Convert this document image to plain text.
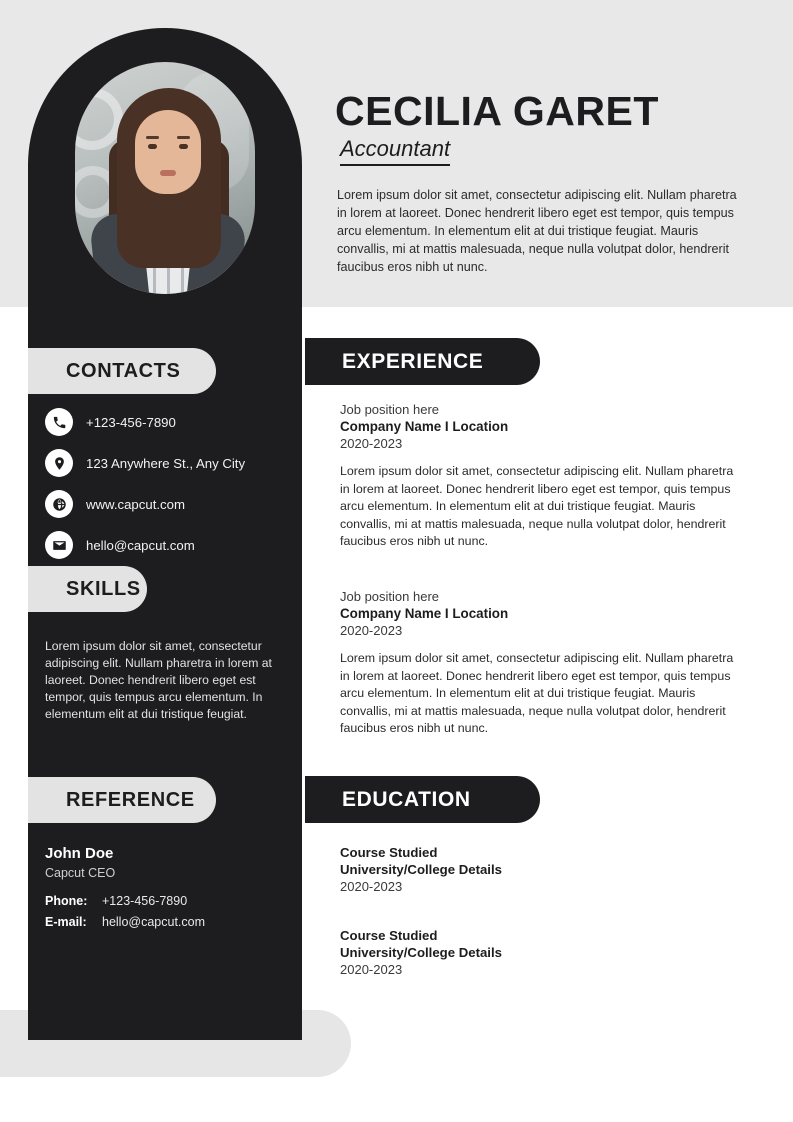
CECILIA GARET
Accountant
Lorem ipsum dolor sit amet, consectetur adipiscing elit. Nullam pharetra in lorem at laoreet. Donec hendrerit libero eget est tempor, quis tempus arcu elementum. In elementum elit at dui tristique feugiat. Mauris convallis, mi at mattis malesuada, neque nulla volutpat dolor, hendrerit faucibus eros nibh ut nunc.
CONTACTS
+123-456-7890
123 Anywhere St., Any City
www.capcut.com
hello@capcut.com
SKILLS
Lorem ipsum dolor sit amet, consectetur adipiscing elit. Nullam pharetra in lorem at laoreet. Donec hendrerit libero eget est tempor, quis tempus arcu elementum. In elementum elit at dui tristique feugiat.
REFERENCE
John Doe
Capcut CEO
Phone:	+123-456-7890
E-mail:	hello@capcut.com
EXPERIENCE
Job position here
Company Name I Location
2020-2023
Lorem ipsum dolor sit amet, consectetur adipiscing elit. Nullam pharetra in lorem at laoreet. Donec hendrerit libero eget est tempor, quis tempus arcu elementum. In elementum elit at dui tristique feugiat. Mauris convallis, mi at mattis malesuada, neque nulla volutpat dolor, hendrerit faucibus eros nibh ut nunc.
Job position here
Company Name I Location
2020-2023
Lorem ipsum dolor sit amet, consectetur adipiscing elit. Nullam pharetra in lorem at laoreet. Donec hendrerit libero eget est tempor, quis tempus arcu elementum. In elementum elit at dui tristique feugiat. Mauris convallis, mi at mattis malesuada, neque nulla volutpat dolor, hendrerit faucibus eros nibh ut nunc.
EDUCATION
Course Studied
University/College Details
2020-2023
Course Studied
University/College Details
2020-2023
